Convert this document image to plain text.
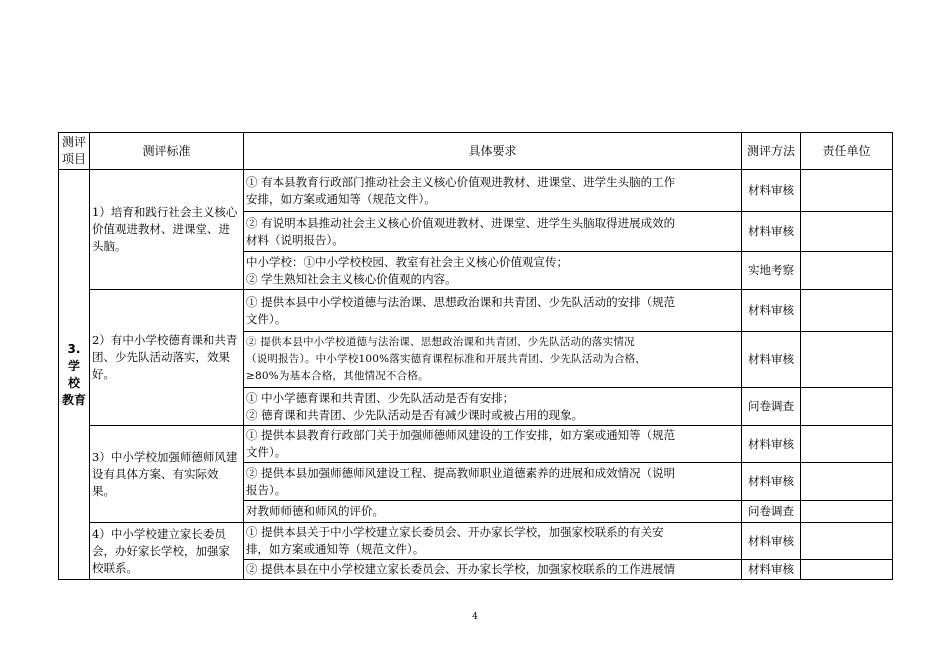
测评项目	测评标准	具体要求	测评方法	责任单位
3.
学 校
教育	1）培育和践行社会主义核心价值观进教材、进课堂、进头脑。	① 有本县教育行政部门推动社会主义核心价值观进教材、进课堂、进学生头脑的工作
安排，如方案或通知等（规范文件）。	材料审核	
		② 有说明本县推动社会主义核心价值观进教材、进课堂、进学生头脑取得进展成效的
材料（说明报告）。	材料审核	
		中小学校：①中小学校校园、教室有社会主义核心价值观宣传；
② 学生熟知社会主义核心价值观的内容。	实地考察	
	2）有中小学校德育课和共青团、少先队活动落实，效果好。	① 提供本县中小学校道德与法治课、思想政治课和共青团、少先队活动的安排（规范
文件）。	材料审核	
		② 提供本县中小学校道德与法治课、思想政治课和共青团、少先队活动的落实情况
（说明报告）。中小学校100%落实德育课程标准和开展共青团、少先队活动为合格，
≥80%为基本合格，其他情况不合格。	材料审核	
		① 中小学德育课和共青团、少先队活动是否有安排；
② 德育课和共青团、少先队活动是否有减少课时或被占用的现象。	问卷调查	
	3）中小学校加强师德师风建设有具体方案、有实际效果。	① 提供本县教育行政部门关于加强师德师风建设的工作安排，如方案或通知等（规范
文件）。	材料审核	
		② 提供本县加强师德师风建设工程、提高教师职业道德素养的进展和成效情况（说明
报告）。	材料审核	
		对教师师德和师风的评价。	问卷调查	
	4）中小学校建立家长委员会，办好家长学校，加强家校联系。	① 提供本县关于中小学校建立家长委员会、开办家长学校，加强家校联系的有关安
排，如方案或通知等（规范文件）。	材料审核	
		② 提供本县在中小学校建立家长委员会、开办家长学校，加强家校联系的工作进展情	材料审核	
4
